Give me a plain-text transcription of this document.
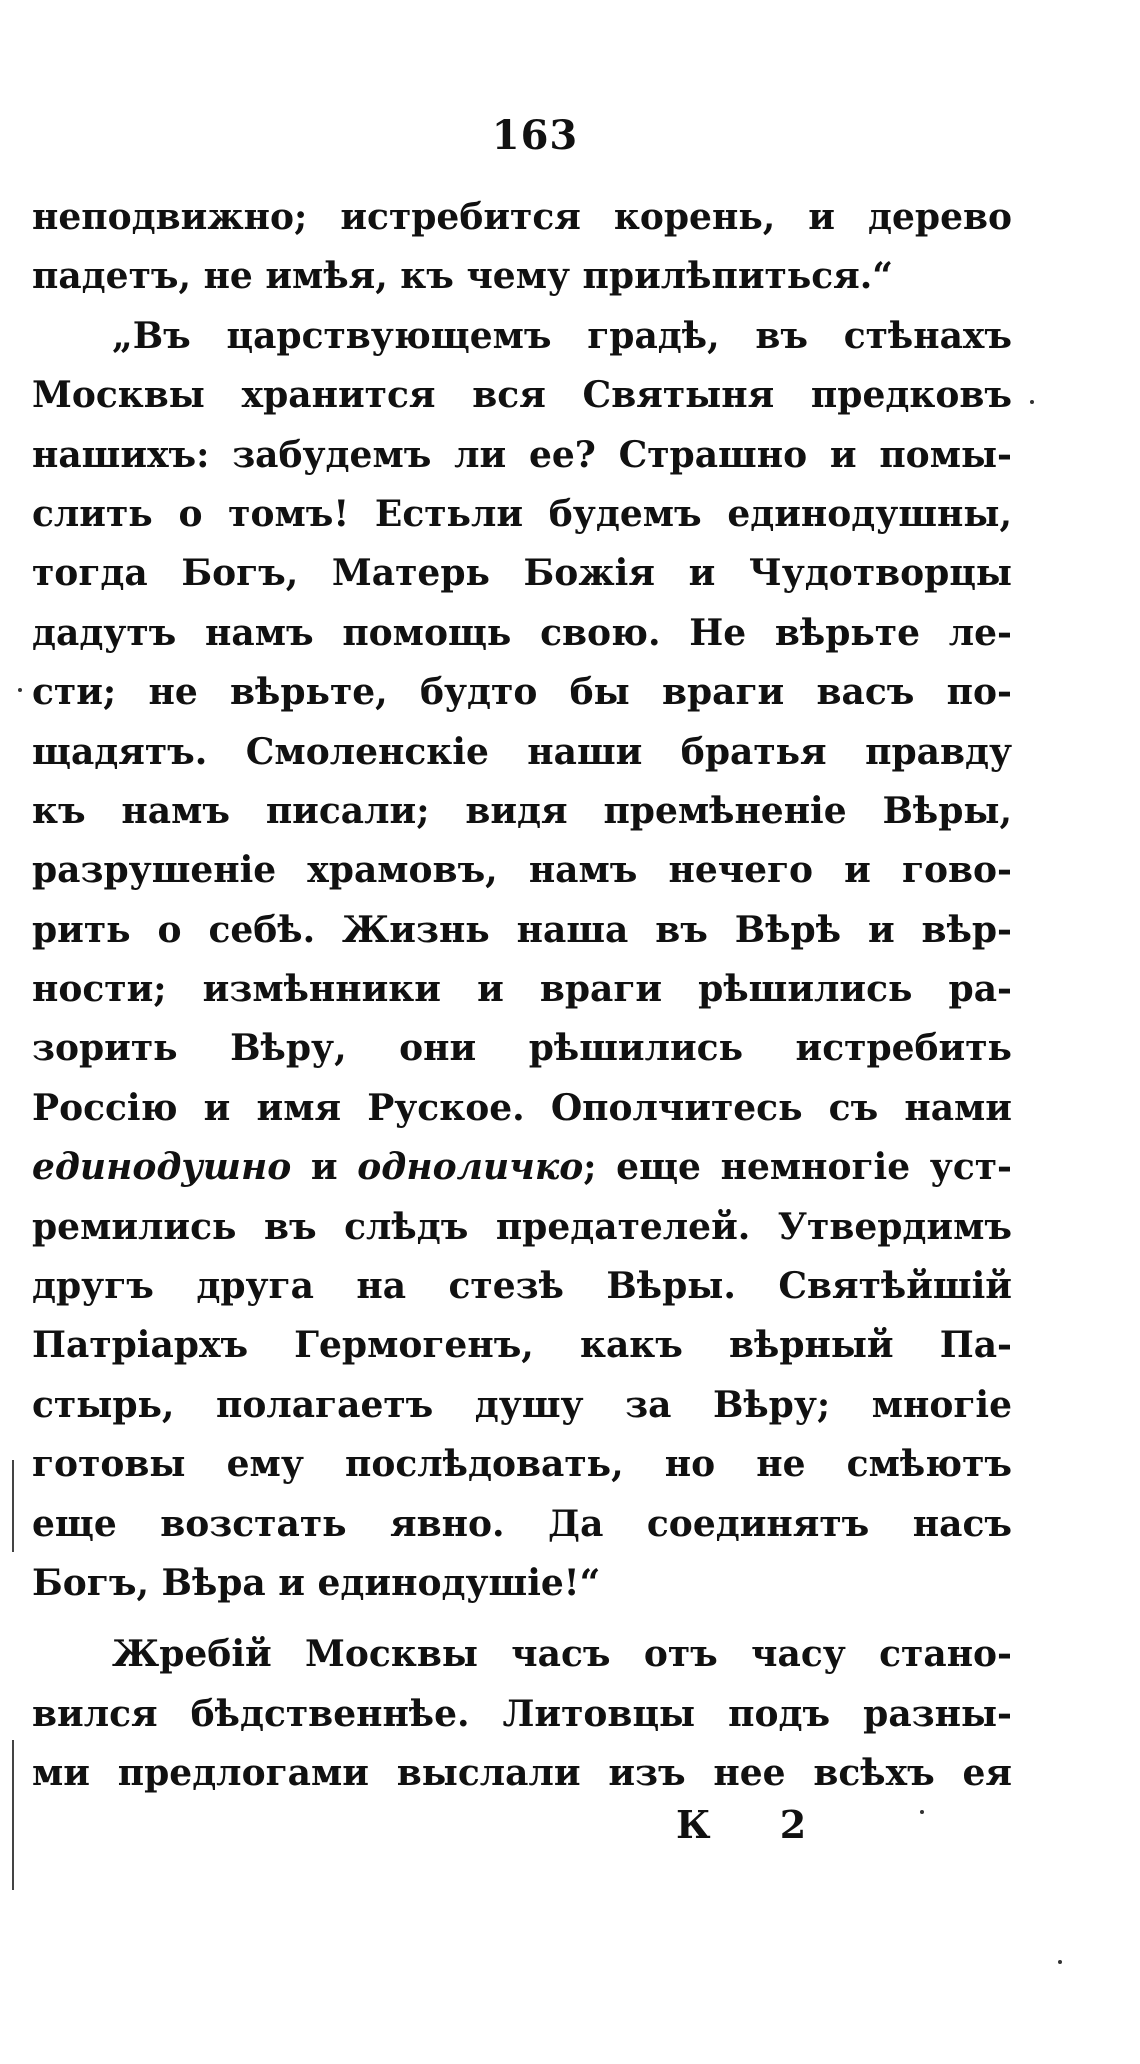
163
неподвижно; истребится корень, и дерево
падетъ, не имѣя, къ чему прилѣпиться.“
„Въ царствующемъ градѣ, въ стѣнахъ
Москвы хранится вся Святыня предковъ
нашихъ: забудемъ ли ее? Страшно и помы-
слить о томъ! Естьли будемъ единодушны,
тогда Богъ, Матерь Божія и Чудотворцы
дадутъ намъ помощь свою. Не вѣрьте ле-
сти; не вѣрьте, будто бы враги васъ по-
щадятъ. Смоленскіе наши братья правду
къ намъ писали; видя премѣненіе Вѣры,
разрушеніе храмовъ, намъ нечего и гово-
рить о себѣ. Жизнь наша въ Вѣрѣ и вѣр-
ности; измѣнники и враги рѣшились ра-
зорить Вѣру, они рѣшились истребить
Россію и имя Руское. Ополчитесь съ нами
единодушно и одноличко; еще немногіе уст-
ремились въ слѣдъ предателей. Утвердимъ
другъ друга на стезѣ Вѣры. Святѣйшій
Патріархъ Гермогенъ, какъ вѣрный Па-
стырь, полагаетъ душу за Вѣру; многіе
готовы ему послѣдовать, но не смѣютъ
еще возстать явно. Да соединятъ насъ
Богъ, Вѣра и единодушіе!“
Жребій Москвы часъ отъ часу стано-
вился бѣдственнѣе. Литовцы подъ разны-
ми предлогами выслали изъ нее всѣхъ ея
К 2
